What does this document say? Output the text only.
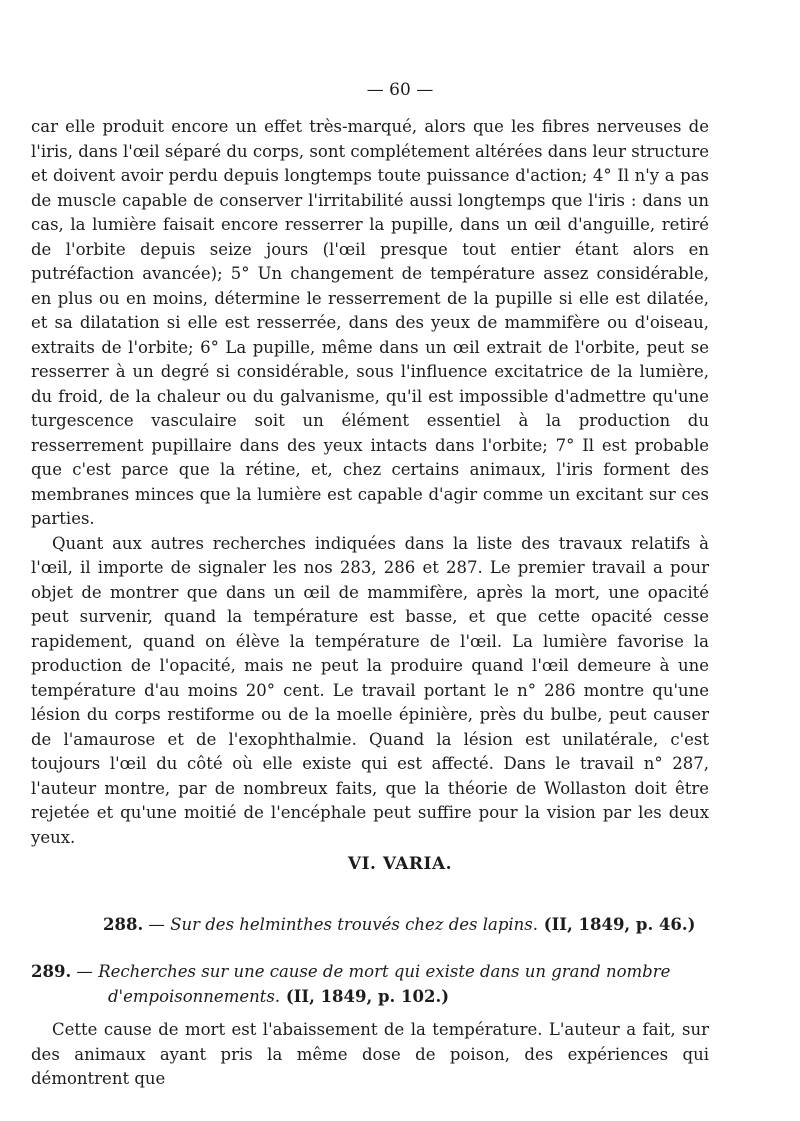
— 60 —

car elle produit encore un effet très-marqué, alors que les fibres nerveuses de l'iris, dans l'œil séparé du corps, sont complétement altérées dans leur structure et doivent avoir perdu depuis longtemps toute puissance d'action; 4° Il n'y a pas de muscle capable de conserver l'irritabilité aussi longtemps que l'iris : dans un cas, la lumière faisait encore resserrer la pupille, dans un œil d'anguille, retiré de l'orbite depuis seize jours (l'œil presque tout entier étant alors en putréfaction avancée); 5° Un changement de température assez considérable, en plus ou en moins, détermine le resserrement de la pupille si elle est dilatée, et sa dilatation si elle est resserrée, dans des yeux de mammifère ou d'oiseau, extraits de l'orbite; 6° La pupille, même dans un œil extrait de l'orbite, peut se resserrer à un degré si considérable, sous l'influence excitatrice de la lumière, du froid, de la chaleur ou du galvanisme, qu'il est impossible d'admettre qu'une turgescence vasculaire soit un élément essentiel à la production du resserrement pupillaire dans des yeux intacts dans l'orbite; 7° Il est probable que c'est parce que la rétine, et, chez certains animaux, l'iris forment des membranes minces que la lumière est capable d'agir comme un excitant sur ces parties.

Quant aux autres recherches indiquées dans la liste des travaux relatifs à l'œil, il importe de signaler les nos 283, 286 et 287. Le premier travail a pour objet de montrer que dans un œil de mammifère, après la mort, une opacité peut survenir, quand la température est basse, et que cette opacité cesse rapidement, quand on élève la température de l'œil. La lumière favorise la production de l'opacité, mais ne peut la produire quand l'œil demeure à une température d'au moins 20° cent. Le travail portant le n° 286 montre qu'une lésion du corps restiforme ou de la moelle épinière, près du bulbe, peut causer de l'amaurose et de l'exophthalmie. Quand la lésion est unilatérale, c'est toujours l'œil du côté où elle existe qui est affecté. Dans le travail n° 287, l'auteur montre, par de nombreux faits, que la théorie de Wollaston doit être rejetée et qu'une moitié de l'encéphale peut suffire pour la vision par les deux yeux.

VI. VARIA.
288. — Sur des helminthes trouvés chez des lapins. (II, 1849, p. 46.)
289. — Recherches sur une cause de mort qui existe dans un grand nombre d'empoisonnements. (II, 1849, p. 102.)

Cette cause de mort est l'abaissement de la température. L'auteur a fait, sur des animaux ayant pris la même dose de poison, des expériences qui démontrent que
